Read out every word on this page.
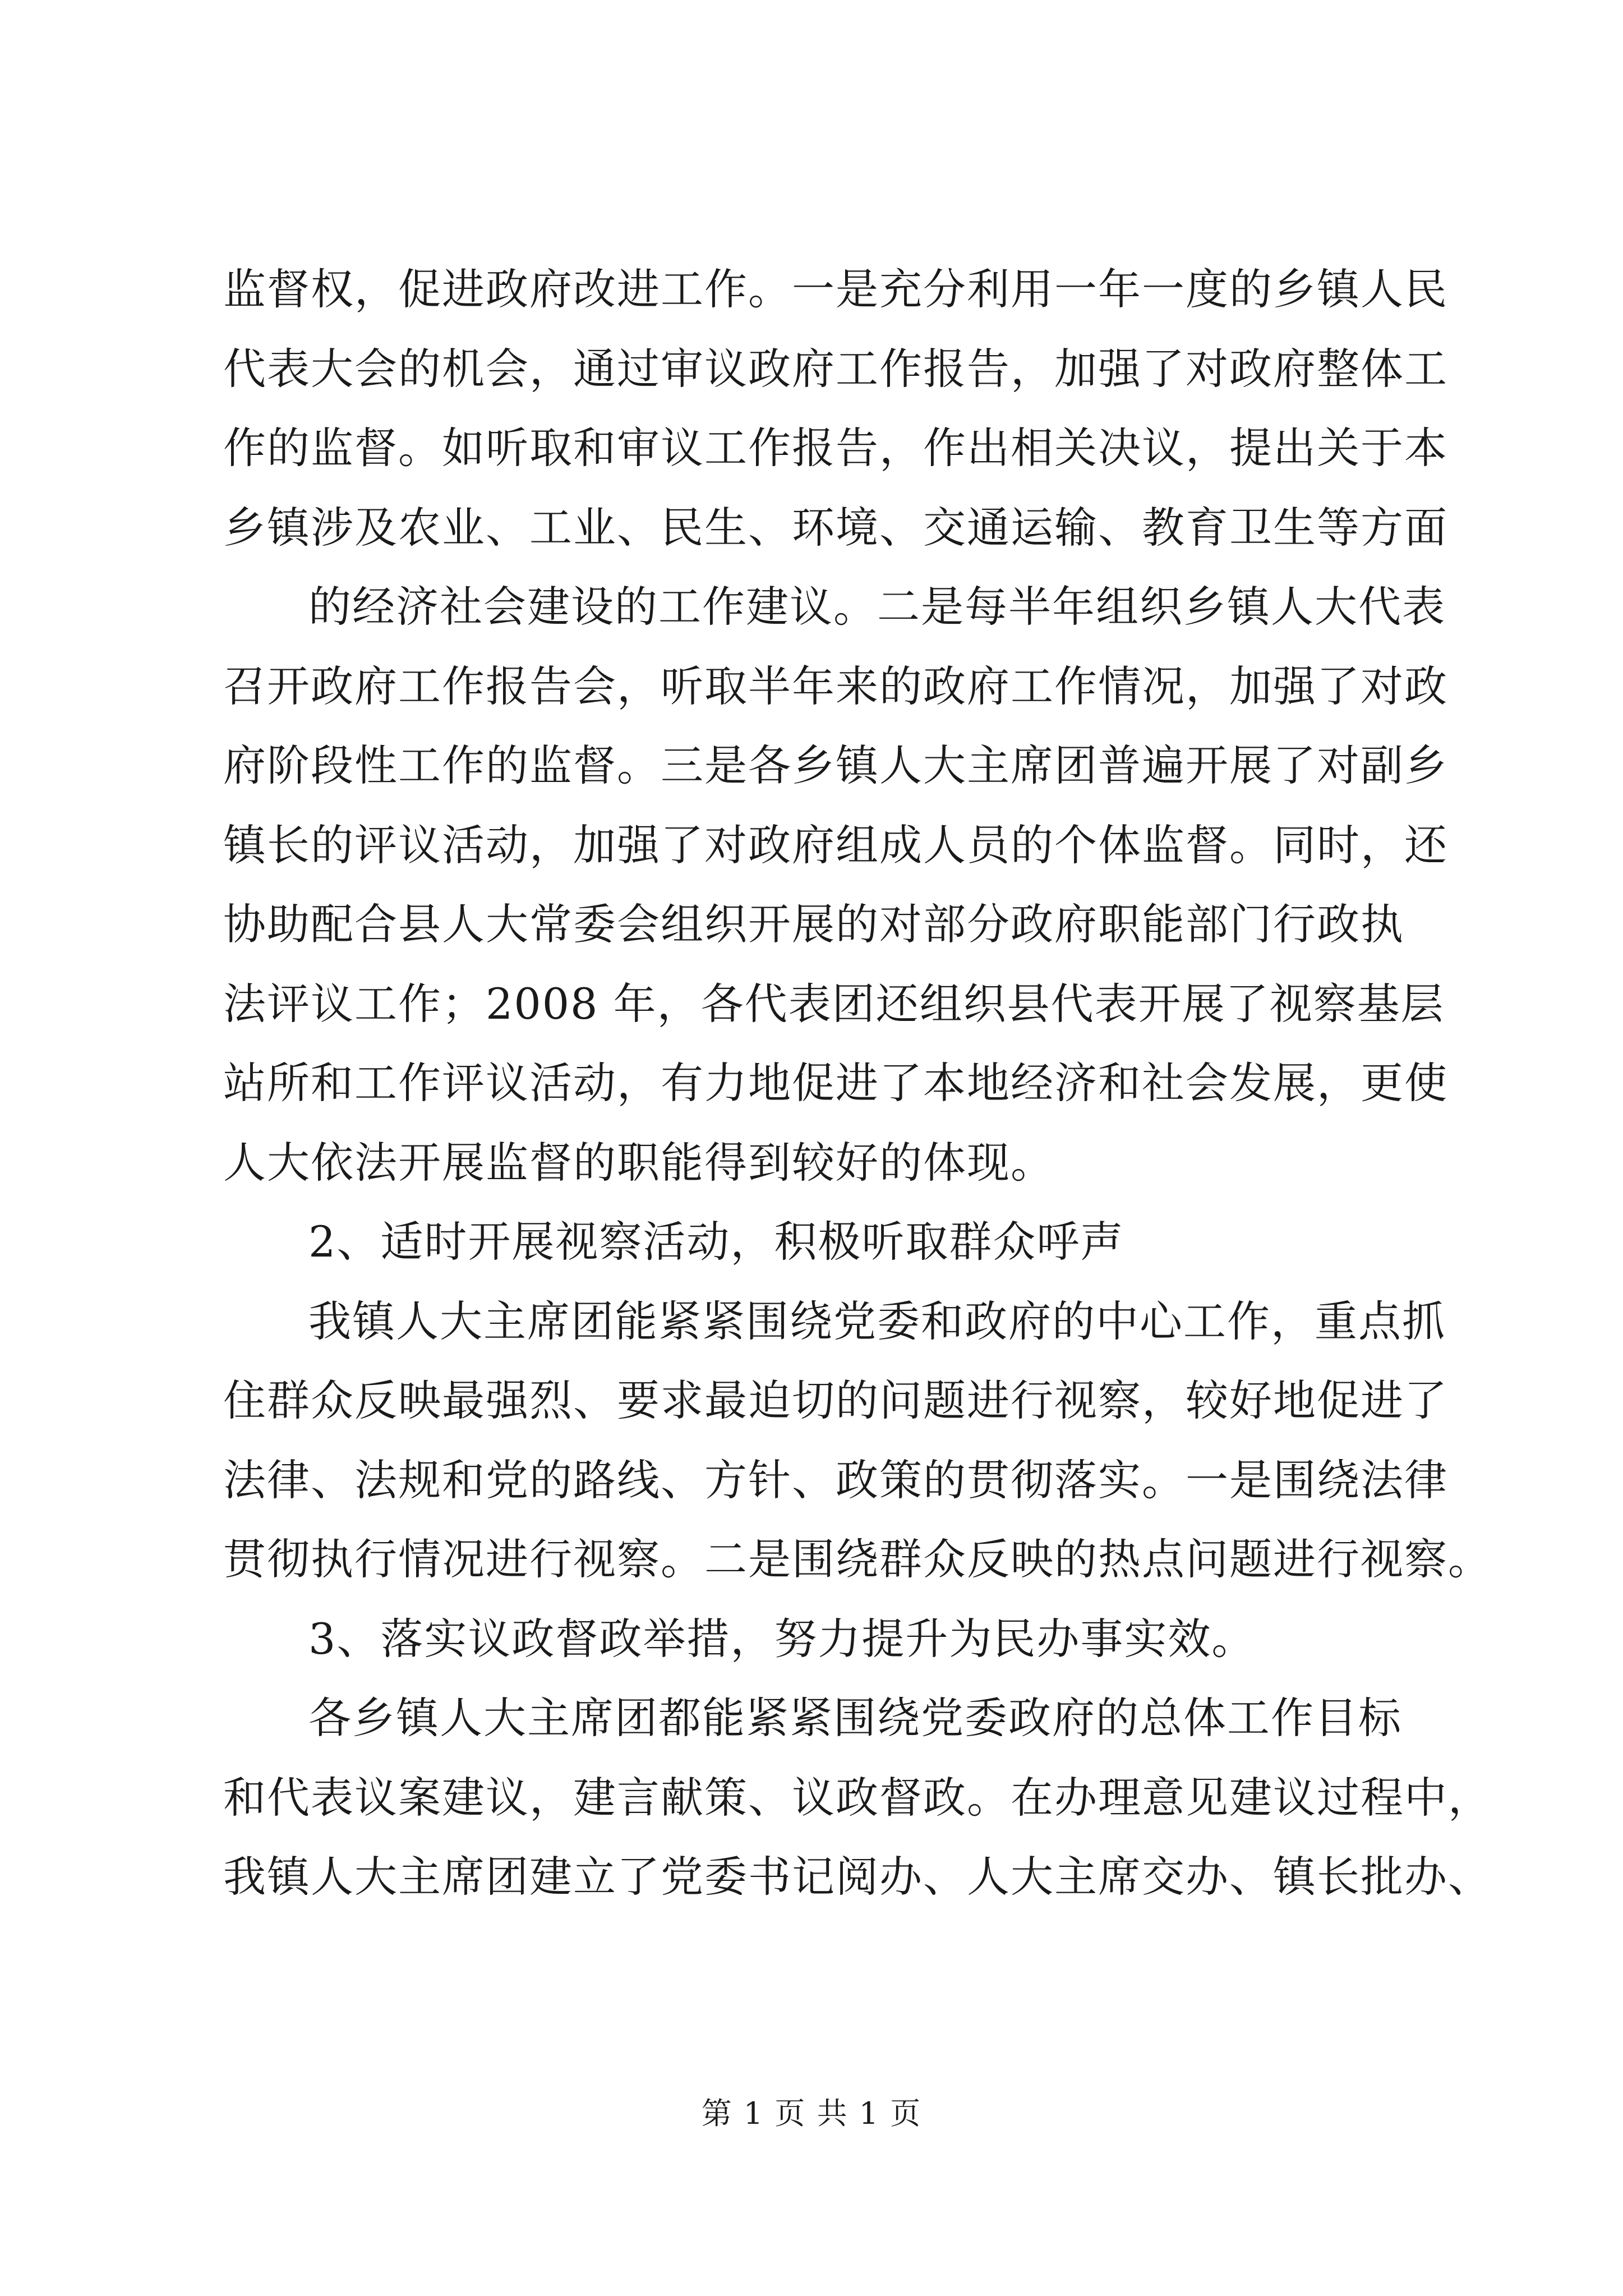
监督权，促进政府改进工作。一是充分利用一年一度的乡镇人民
代表大会的机会，通过审议政府工作报告，加强了对政府整体工
作的监督。如听取和审议工作报告，作出相关决议，提出关于本
乡镇涉及农业、工业、民生、环境、交通运输、教育卫生等方面
的经济社会建设的工作建议。二是每半年组织乡镇人大代表
召开政府工作报告会，听取半年来的政府工作情况，加强了对政
府阶段性工作的监督。三是各乡镇人大主席团普遍开展了对副乡
镇长的评议活动，加强了对政府组成人员的个体监督。同时，还
协助配合县人大常委会组织开展的对部分政府职能部门行政执
法评议工作；2008 年，各代表团还组织县代表开展了视察基层
站所和工作评议活动，有力地促进了本地经济和社会发展，更使
人大依法开展监督的职能得到较好的体现。
2、适时开展视察活动，积极听取群众呼声
我镇人大主席团能紧紧围绕党委和政府的中心工作，重点抓
住群众反映最强烈、要求最迫切的问题进行视察，较好地促进了
法律、法规和党的路线、方针、政策的贯彻落实。一是围绕法律
贯彻执行情况进行视察。二是围绕群众反映的热点问题进行视察。
3、落实议政督政举措，努力提升为民办事实效。
各乡镇人大主席团都能紧紧围绕党委政府的总体工作目标
和代表议案建议，建言献策、议政督政。在办理意见建议过程中，
我镇人大主席团建立了党委书记阅办、人大主席交办、镇长批办、
第 1 页 共 1 页
